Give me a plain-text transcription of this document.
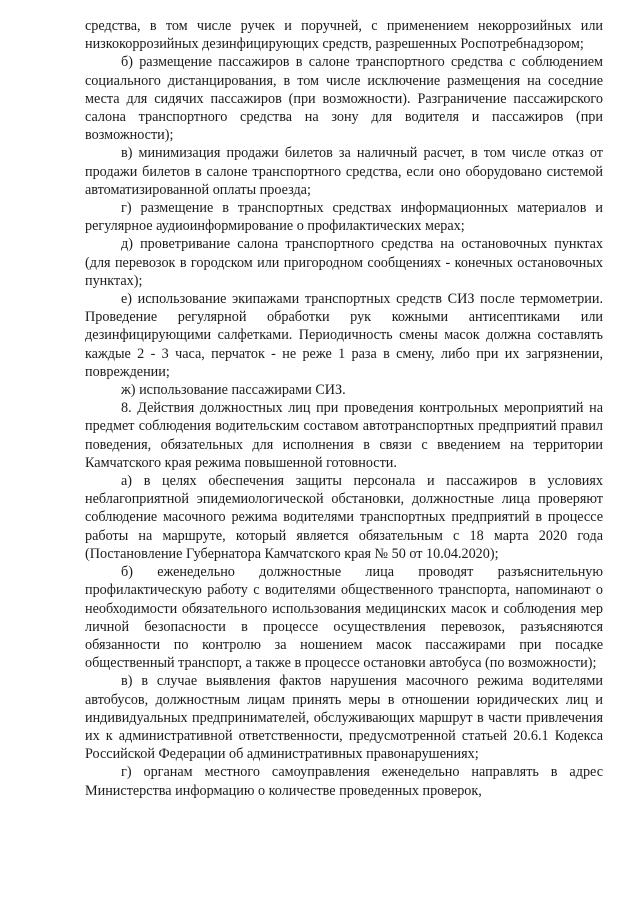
средства, в том числе ручек и поручней, с применением некоррозийных или низкокоррозийных дезинфицирующих средств, разрешенных Роспотребнадзором;

б) размещение пассажиров в салоне транспортного средства с соблюдением социального дистанцирования, в том числе исключение размещения на соседние места для сидячих пассажиров (при возможности). Разграничение пассажирского салона транспортного средства на зону для водителя и пассажиров (при возможности);

в) минимизация продажи билетов за наличный расчет, в том числе отказ от продажи билетов в салоне транспортного средства, если оно оборудовано системой автоматизированной оплаты проезда;

г) размещение в транспортных средствах информационных материалов и регулярное аудиоинформирование о профилактических мерах;

д) проветривание салона транспортного средства на остановочных пунктах (для перевозок в городском или пригородном сообщениях - конечных остановочных пунктах);

е) использование экипажами транспортных средств СИЗ после термометрии. Проведение регулярной обработки рук кожными антисептиками или дезинфицирующими салфетками. Периодичность смены масок должна составлять каждые 2 - 3 часа, перчаток - не реже 1 раза в смену, либо при их загрязнении, повреждении;

ж) использование пассажирами СИЗ.

8. Действия должностных лиц при проведения контрольных мероприятий на предмет соблюдения водительским составом автотранспортных предприятий правил поведения, обязательных для исполнения в связи с введением на территории Камчатского края режима повышенной готовности.

а) в целях обеспечения защиты персонала и пассажиров в условиях неблагоприятной эпидемиологической обстановки, должностные лица проверяют соблюдение масочного режима водителями транспортных предприятий в процессе работы на маршруте, который является обязательным с 18 марта 2020 года (Постановление Губернатора Камчатского края № 50 от 10.04.2020);

б) еженедельно должностные лица проводят разъяснительную профилактическую работу с водителями общественного транспорта, напоминают о необходимости обязательного использования медицинских масок и соблюдения мер личной безопасности в процессе осуществления перевозок, разъясняются обязанности по контролю за ношением масок пассажирами при посадке общественный транспорт, а также в процессе остановки автобуса (по возможности);

в) в случае выявления фактов нарушения масочного режима водителями автобусов, должностным лицам принять меры в отношении юридических лиц и индивидуальных предпринимателей, обслуживающих маршрут в части привлечения их к административной ответственности, предусмотренной статьей 20.6.1 Кодекса Российской Федерации об административных правонарушениях;

г) органам местного самоуправления еженедельно направлять в адрес Министерства информацию о количестве проведенных проверок,
